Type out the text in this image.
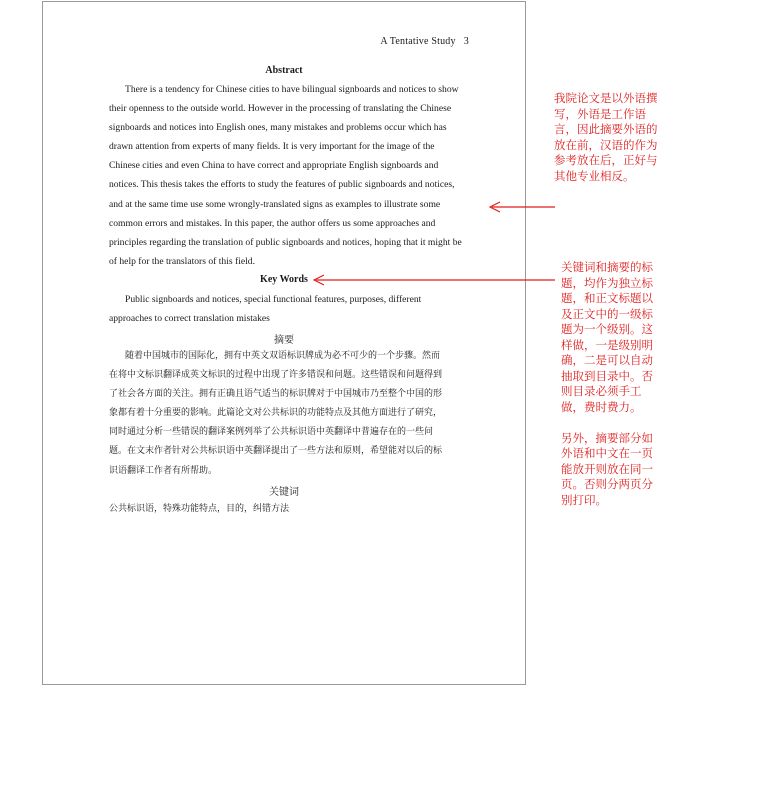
A Tentative Study 3
Abstract
There is a tendency for Chinese cities to have bilingual signboards and notices to show
their openness to the outside world. However in the processing of translating the Chinese
signboards and notices into English ones, many mistakes and problems occur which has
drawn attention from experts of many fields. It is very important for the image of the
Chinese cities and even China to have correct and appropriate English signboards and
notices. This thesis takes the efforts to study the features of public signboards and notices,
and at the same time use some wrongly-translated signs as examples to illustrate some
common errors and mistakes. In this paper, the author offers us some approaches and
principles regarding the translation of public signboards and notices, hoping that it might be
of help for the translators of this field.
Key Words
Public signboards and notices, special functional features, purposes, different
approaches to correct translation mistakes
摘要
随着中国城市的国际化，拥有中英文双语标识牌成为必不可少的一个步骤。然而
在将中文标识翻译成英文标识的过程中出现了许多错误和问题。这些错误和问题得到
了社会各方面的关注。拥有正确且语气适当的标识牌对于中国城市乃至整个中国的形
象都有着十分重要的影响。此篇论文对公共标识的功能特点及其他方面进行了研究，
同时通过分析一些错误的翻译案例列举了公共标识语中英翻译中普遍存在的一些问
题。在文末作者针对公共标识语中英翻译提出了一些方法和原则，希望能对以后的标
识语翻译工作者有所帮助。
关键词
公共标识语，特殊功能特点，目的，纠错方法
我院论文是以外语撰
写，外语是工作语
言，因此摘要外语的
放在前，汉语的作为
参考放在后，正好与
其他专业相反。
关键词和摘要的标
题，均作为独立标
题，和正文标题以
及正文中的一级标
题为一个级别。这
样做，一是级别明
确，二是可以自动
抽取到目录中。否
则目录必须手工
做，费时费力。

另外，摘要部分如
外语和中文在一页
能放开则放在同一
页。否则分两页分
别打印。
